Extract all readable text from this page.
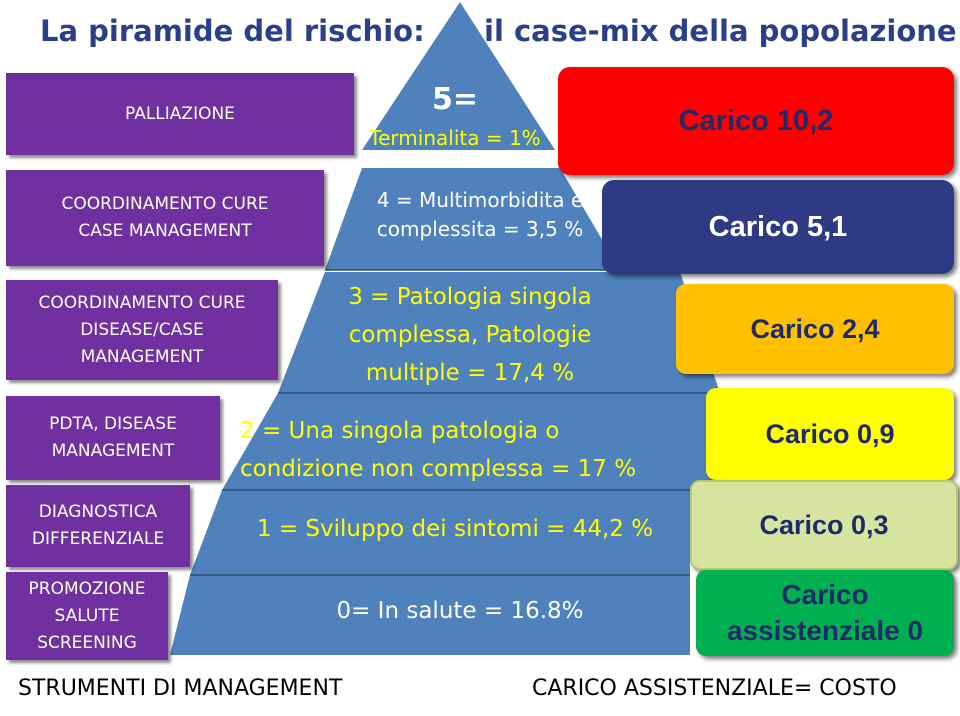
La piramide del rischio: il case-mix della popolazione
PALLIAZIONE
COORDINAMENTO CURE
CASE MANAGEMENT
COORDINAMENTO CURE
DISEASE/CASE
MANAGEMENT
PDTA, DISEASE
MANAGEMENT
DIAGNOSTICA
DIFFERENZIALE
PROMOZIONE
SALUTE
SCREENING
5=
Terminalita = 1%
4 = Multimorbidita e
complessita = 3,5 %
3 = Patologia singola
complessa, Patologie
multiple = 17,4 %
2 = Una singola patologia o
condizione non complessa = 17 %
1 = Sviluppo dei sintomi = 44,2 %
0= In salute = 16.8%
Carico 10,2
Carico 5,1
Carico 2,4
Carico 0,9
Carico 0,3
Carico
assistenziale 0
STRUMENTI DI MANAGEMENT	CARICO ASSISTENZIALE= COSTO
